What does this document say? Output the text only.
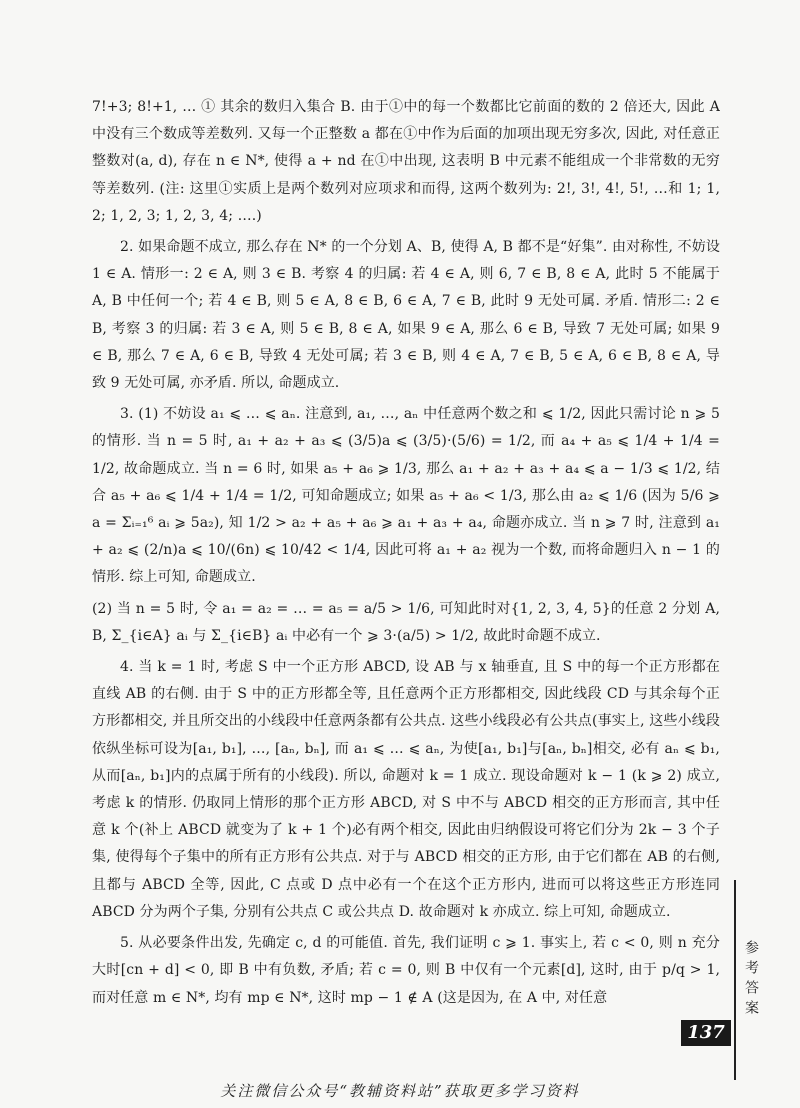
7!+3; 8!+1, … ① 其余的数归入集合 B. 由于①中的每一个数都比它前面的数的 2 倍还大, 因此 A 中没有三个数成等差数列. 又每一个正整数 a 都在①中作为后面的加项出现无穷多次, 因此, 对任意正整数对(a, d), 存在 n ∈ N*, 使得 a + nd 在①中出现, 这表明 B 中元素不能组成一个非常数的无穷等差数列. (注: 这里①实质上是两个数列对应项求和而得, 这两个数列为: 2!, 3!, 4!, 5!, …和 1; 1, 2; 1, 2, 3; 1, 2, 3, 4; ….)

2. 如果命题不成立, 那么存在 N* 的一个分划 A、B, 使得 A, B 都不是“好集”. 由对称性, 不妨设 1 ∈ A. 情形一: 2 ∈ A, 则 3 ∈ B. 考察 4 的归属: 若 4 ∈ A, 则 6, 7 ∈ B, 8 ∈ A, 此时 5 不能属于 A, B 中任何一个; 若 4 ∈ B, 则 5 ∈ A, 8 ∈ B, 6 ∈ A, 7 ∈ B, 此时 9 无处可属. 矛盾. 情形二: 2 ∈ B, 考察 3 的归属: 若 3 ∈ A, 则 5 ∈ B, 8 ∈ A, 如果 9 ∈ A, 那么 6 ∈ B, 导致 7 无处可属; 如果 9 ∈ B, 那么 7 ∈ A, 6 ∈ B, 导致 4 无处可属; 若 3 ∈ B, 则 4 ∈ A, 7 ∈ B, 5 ∈ A, 6 ∈ B, 8 ∈ A, 导致 9 无处可属, 亦矛盾. 所以, 命题成立.

3. (1) 不妨设 a₁ ⩽ … ⩽ aₙ. 注意到, a₁, …, aₙ 中任意两个数之和 ⩽ 1/2, 因此只需讨论 n ⩾ 5 的情形. 当 n = 5 时, a₁ + a₂ + a₃ ⩽ (3/5)a ⩽ (3/5)·(5/6) = 1/2, 而 a₄ + a₅ ⩽ 1/4 + 1/4 = 1/2, 故命题成立. 当 n = 6 时, 如果 a₅ + a₆ ⩾ 1/3, 那么 a₁ + a₂ + a₃ + a₄ ⩽ a − 1/3 ⩽ 1/2, 结合 a₅ + a₆ ⩽ 1/4 + 1/4 = 1/2, 可知命题成立; 如果 a₅ + a₆ < 1/3, 那么由 a₂ ⩽ 1/6 (因为 5/6 ⩾ a = Σᵢ₌₁⁶ aᵢ ⩾ 5a₂), 知 1/2 > a₂ + a₅ + a₆ ⩾ a₁ + a₃ + a₄, 命题亦成立. 当 n ⩾ 7 时, 注意到 a₁ + a₂ ⩽ (2/n)a ⩽ 10/(6n) ⩽ 10/42 < 1/4, 因此可将 a₁ + a₂ 视为一个数, 而将命题归入 n − 1 的情形. 综上可知, 命题成立.

(2) 当 n = 5 时, 令 a₁ = a₂ = … = a₅ = a/5 > 1/6, 可知此时对{1, 2, 3, 4, 5}的任意 2 分划 A, B, Σ_{i∈A} aᵢ 与 Σ_{i∈B} aᵢ 中必有一个 ⩾ 3·(a/5) > 1/2, 故此时命题不成立.

4. 当 k = 1 时, 考虑 S 中一个正方形 ABCD, 设 AB 与 x 轴垂直, 且 S 中的每一个正方形都在直线 AB 的右侧. 由于 S 中的正方形都全等, 且任意两个正方形都相交, 因此线段 CD 与其余每个正方形都相交, 并且所交出的小线段中任意两条都有公共点. 这些小线段必有公共点(事实上, 这些小线段依纵坐标可设为[a₁, b₁], …, [aₙ, bₙ], 而 a₁ ⩽ … ⩽ aₙ, 为使[a₁, b₁]与[aₙ, bₙ]相交, 必有 aₙ ⩽ b₁, 从而[aₙ, b₁]内的点属于所有的小线段). 所以, 命题对 k = 1 成立. 现设命题对 k − 1 (k ⩾ 2) 成立, 考虑 k 的情形. 仍取同上情形的那个正方形 ABCD, 对 S 中不与 ABCD 相交的正方形而言, 其中任意 k 个(补上 ABCD 就变为了 k + 1 个)必有两个相交, 因此由归纳假设可将它们分为 2k − 3 个子集, 使得每个子集中的所有正方形有公共点. 对于与 ABCD 相交的正方形, 由于它们都在 AB 的右侧, 且都与 ABCD 全等, 因此, C 点或 D 点中必有一个在这个正方形内, 进而可以将这些正方形连同 ABCD 分为两个子集, 分别有公共点 C 或公共点 D. 故命题对 k 亦成立. 综上可知, 命题成立.

5. 从必要条件出发, 先确定 c, d 的可能值. 首先, 我们证明 c ⩾ 1. 事实上, 若 c < 0, 则 n 充分大时[cn + d] < 0, 即 B 中有负数, 矛盾; 若 c = 0, 则 B 中仅有一个元素[d], 这时, 由于 p/q > 1, 而对任意 m ∈ N*, 均有 mp ∈ N*, 这时 mp − 1 ∉ A (这是因为, 在 A 中, 对任意	参考答案
137
关注微信公众号“教辅资料站”获取更多学习资料
